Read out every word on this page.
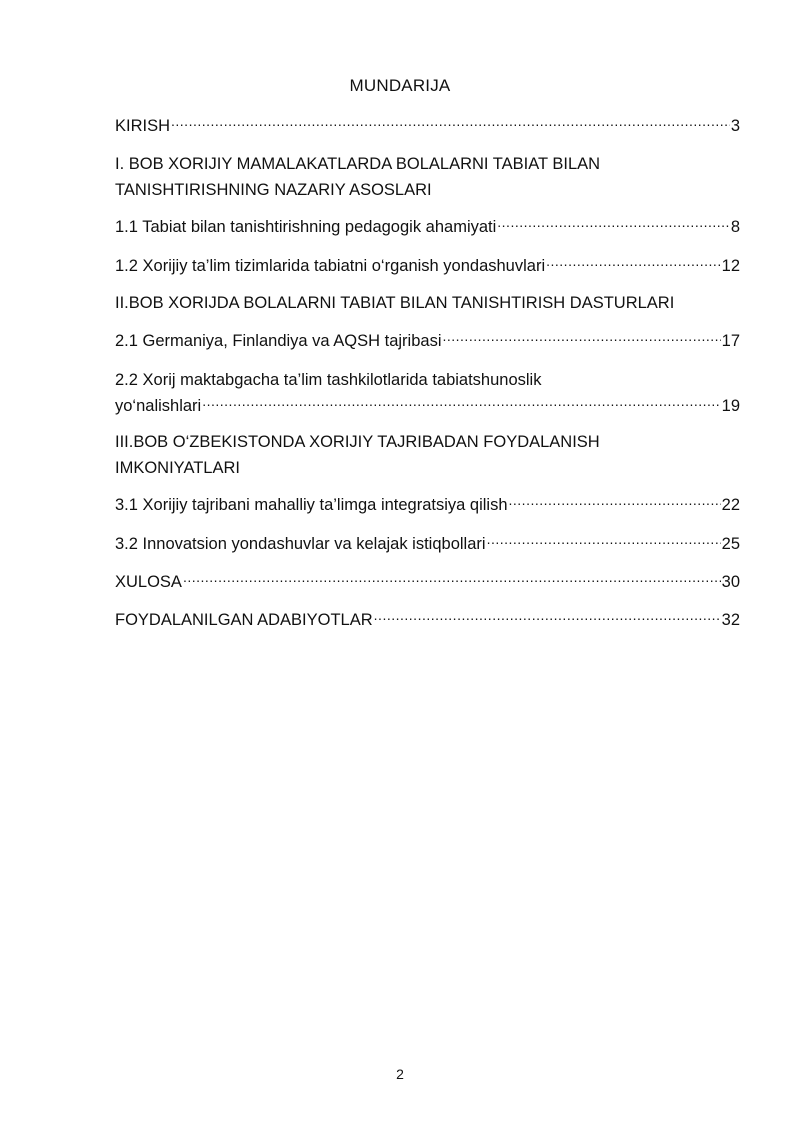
MUNDARIJA
KIRISH .....	3
I. BOB XORIJIY MAMALAKATLARDA BOLALARNI TABIAT BILAN
TANISHTIRISHNING NAZARIY ASOSLARI
1.1 Tabiat bilan tanishtirishning pedagogik ahamiyati .....	8
1.2 Xorijiy ta’lim tizimlarida tabiatni o‘rganish yondashuvlari .....	12
II.BOB XORIJDA BOLALARNI TABIAT BILAN TANISHTIRISH DASTURLARI
2.1 Germaniya, Finlandiya va AQSH tajribasi .....	17
2.2 Xorij maktabgacha ta’lim tashkilotlarida tabiatshunoslik
yo‘nalishlari .....	19
III.BOB O‘ZBEKISTONDA XORIJIY TAJRIBADAN FOYDALANISH
IMKONIYATLARI
3.1 Xorijiy tajribani mahalliy ta’limga integratsiya qilish .....	22
3.2 Innovatsion yondashuvlar va kelajak istiqbollari .....	25
XULOSA .....	30
FOYDALANILGAN ADABIYOTLAR .....	32
2
